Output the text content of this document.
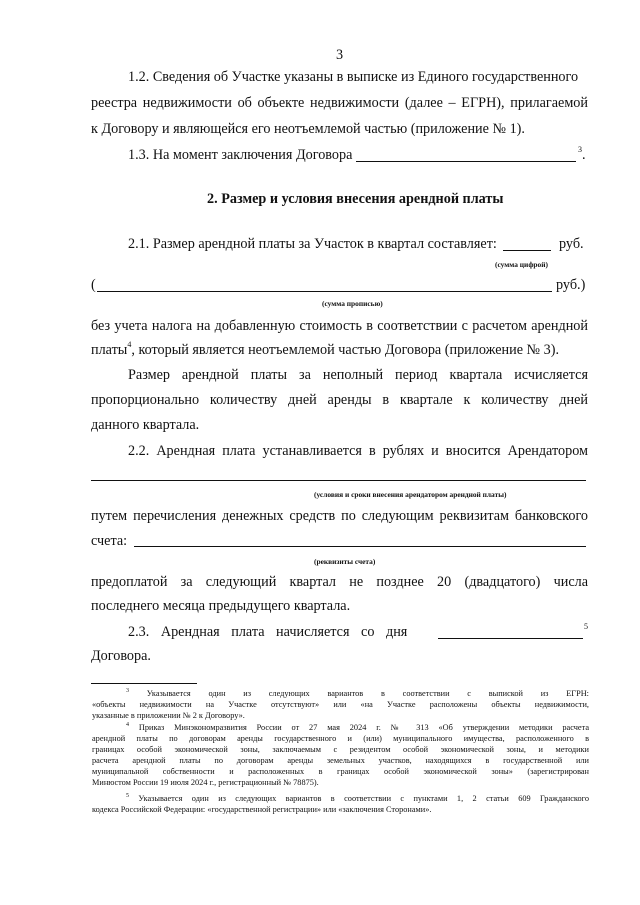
3
1.2. Сведения об Участке указаны в выписке из Единого государственного
реестра недвижимости об объекте недвижимости (далее – ЕГРН), прилагаемой
к Договору и являющейся его неотъемлемой частью (приложение № 1).
1.3. На момент заключения Договора	$^3$.
2. Размер и условия внесения арендной платы
2.1. Размер арендной платы за Участок в квартал составляет:	руб.
(сумма цифрой)
(	руб.)
(сумма прописью)
без учета налога на добавленную стоимость в соответствии с расчетом арендной
платы$^4$, который является неотъемлемой частью Договора (приложение № 3).
Размер арендной платы за неполный период квартала исчисляется
пропорционально количеству дней аренды в квартале к количеству дней
данного квартала.
2.2. Арендная плата устанавливается в рублях и вносится Арендатором
(условия и сроки внесения арендатором арендной платы)
путем перечисления денежных средств по следующим реквизитам банковского
счета:
(реквизиты счета)
предоплатой за следующий квартал не позднее 20 (двадцатого) числа
последнего месяца предыдущего квартала.
2.3. Арендная плата начисляется со дня	5
Договора.
$^3$ Указывается один из следующих вариантов в соответствии с выпиской из ЕГРН:
«объекты недвижимости на Участке отсутствуют» или «на Участке расположены объекты недвижимости,
указанные в приложении № 2 к Договору».
$^4$ Приказ Минэкономразвития России от 27 мая 2024 г. № 313 «Об утверждении методики расчета
арендной платы по договорам аренды государственного и (или) муниципального имущества, расположенного в
границах особой экономической зоны, заключаемым с резидентом особой экономической зоны, и методики
расчета арендной платы по договорам аренды земельных участков, находящихся в государственной или
муниципальной собственности и расположенных в границах особой экономической зоны» (зарегистрирован
Минюстом России 19 июля 2024 г., регистрационный № 78875).
$^5$ Указывается один из следующих вариантов в соответствии с пунктами 1, 2 статьи 609 Гражданского
кодекса Российской Федерации: «государственной регистрации» или «заключения Сторонами».
